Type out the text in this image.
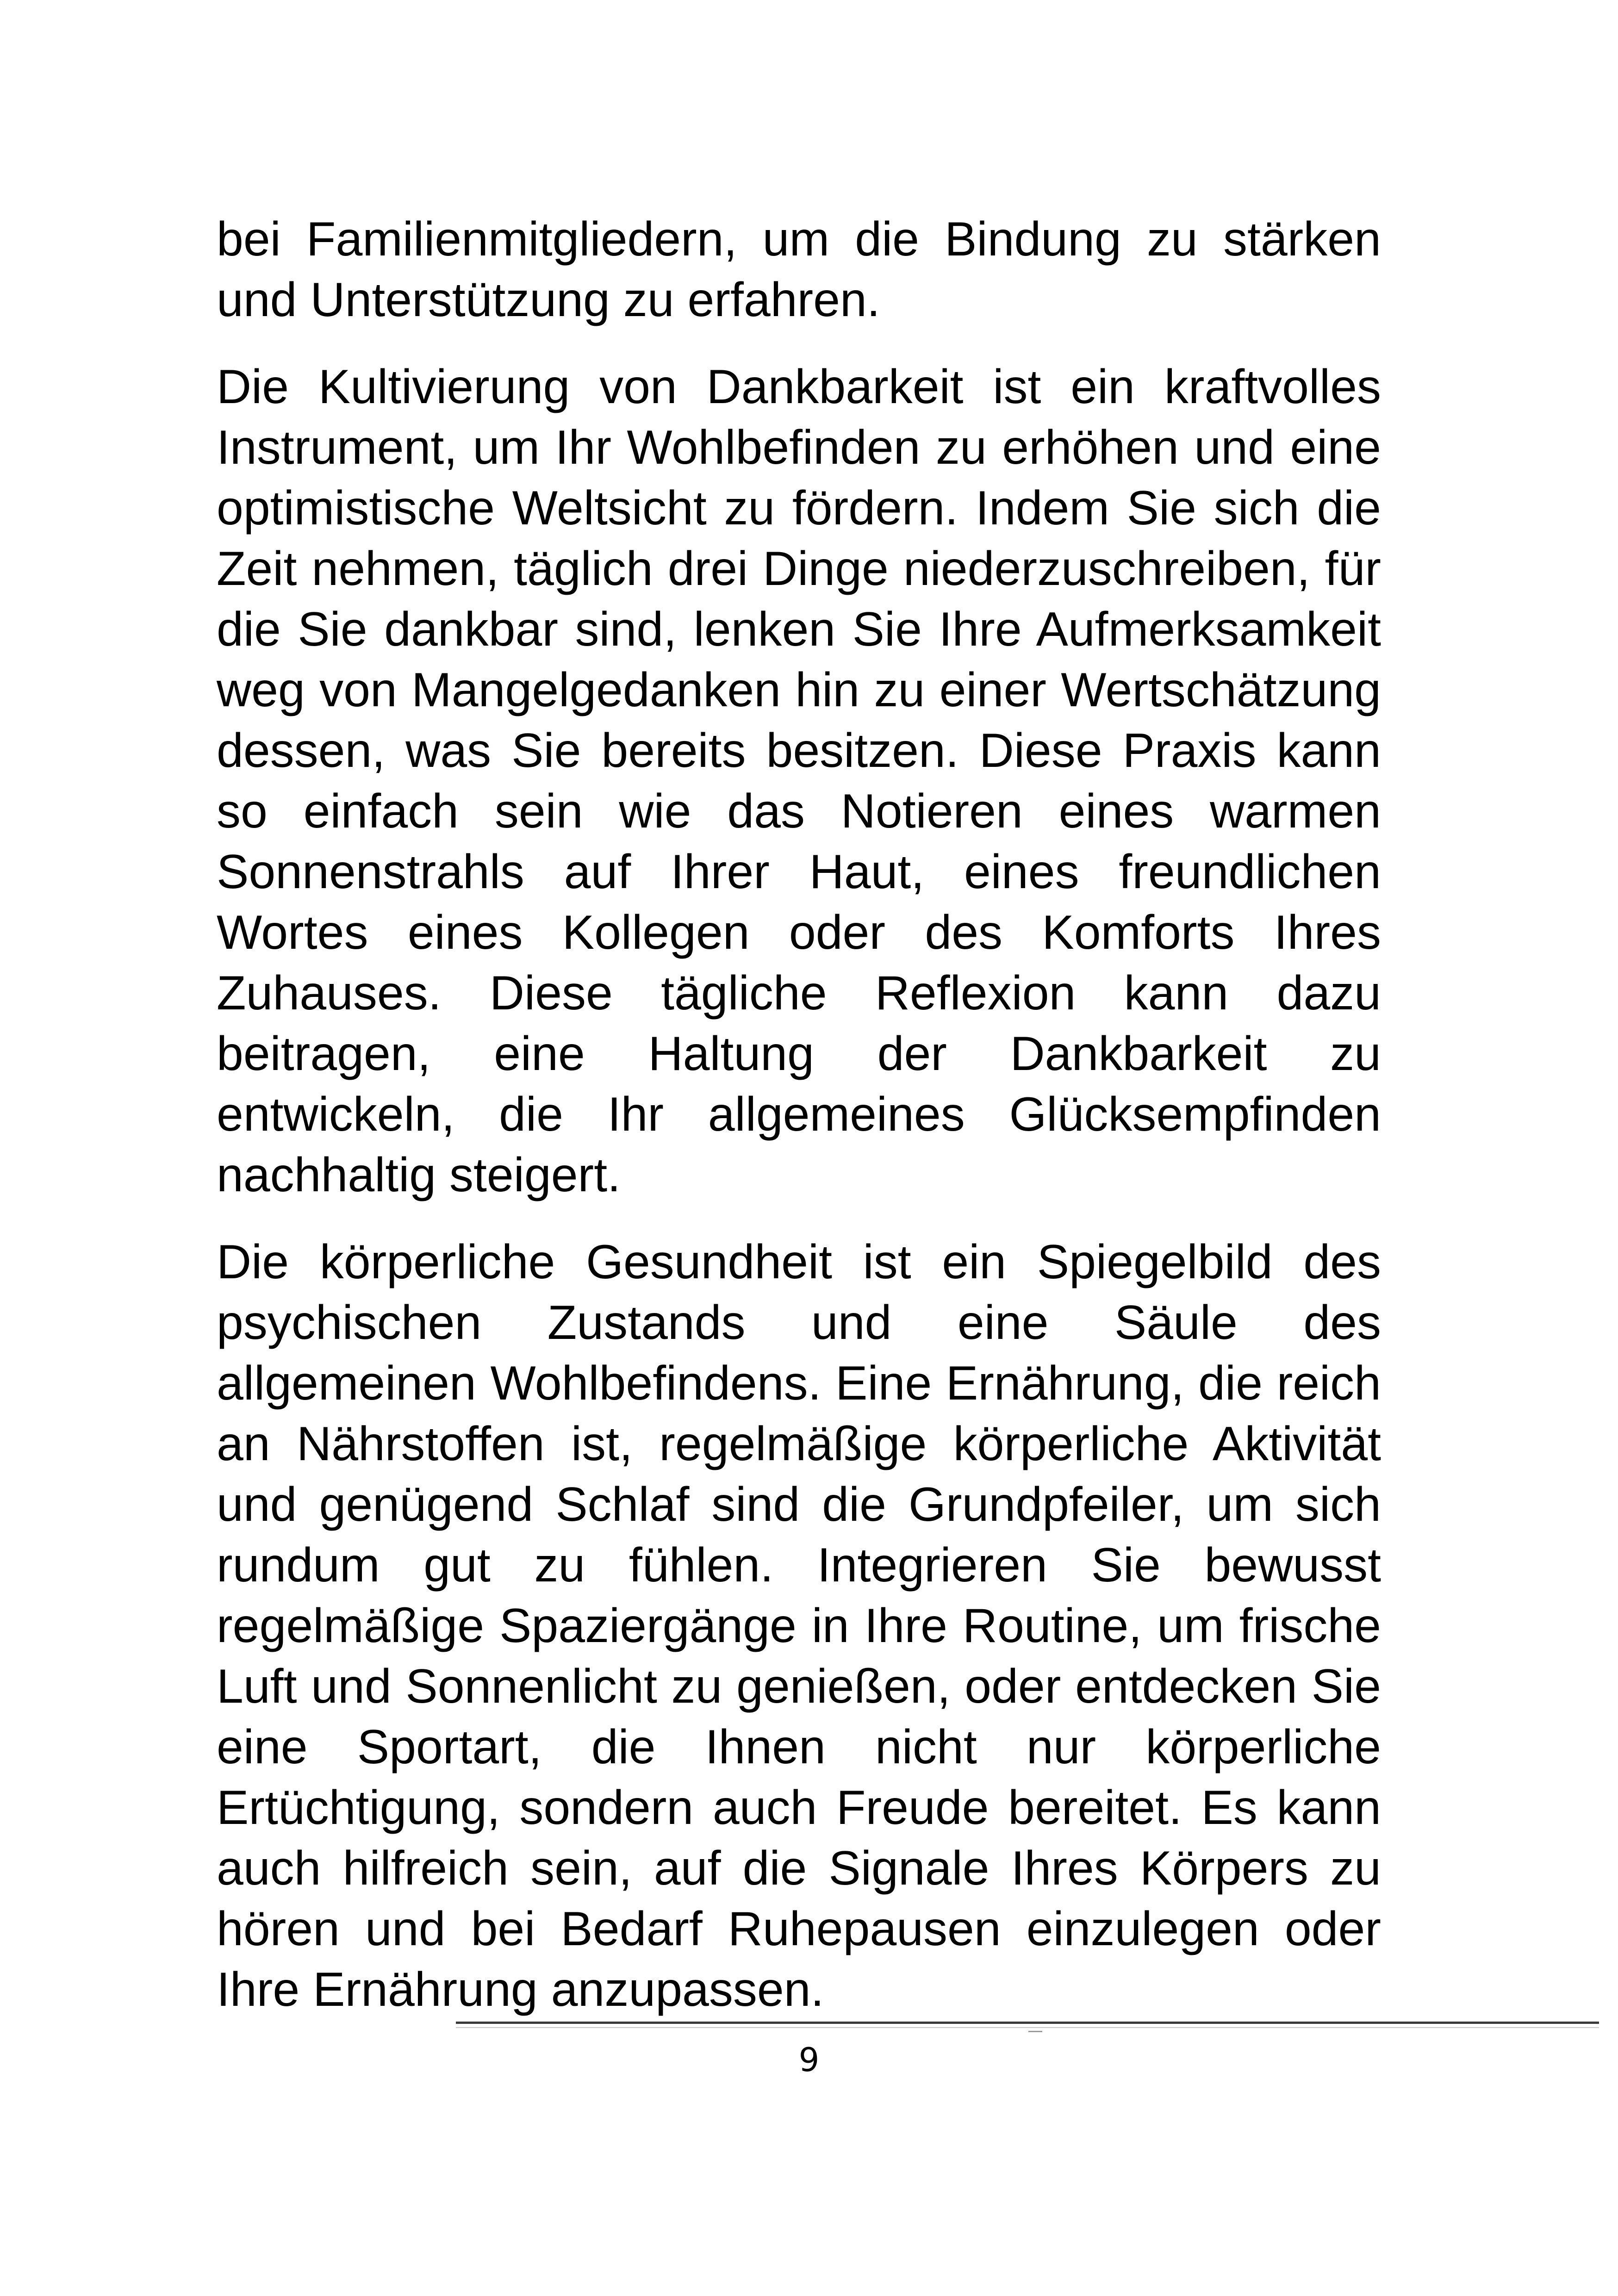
bei Familienmitgliedern, um die Bindung zu stärken und Unterstützung zu erfahren.

Die Kultivierung von Dankbarkeit ist ein kraftvolles Instrument, um Ihr Wohlbefinden zu erhöhen und eine optimistische Weltsicht zu fördern. Indem Sie sich die Zeit nehmen, täglich drei Dinge niederzuschreiben, für die Sie dankbar sind, lenken Sie Ihre Aufmerksamkeit weg von Mangelgedanken hin zu einer Wertschätzung dessen, was Sie bereits besitzen. Diese Praxis kann so einfach sein wie das Notieren eines warmen Sonnenstrahls auf Ihrer Haut, eines freundlichen Wortes eines Kollegen oder des Komforts Ihres Zuhauses. Diese tägliche Reflexion kann dazu beitragen, eine Haltung der Dankbarkeit zu entwickeln, die Ihr allgemeines Glücksempfinden nachhaltig steigert.

Die körperliche Gesundheit ist ein Spiegelbild des psychischen Zustands und eine Säule des allgemeinen Wohlbefindens. Eine Ernährung, die reich an Nährstoffen ist, regelmäßige körperliche Aktivität und genügend Schlaf sind die Grundpfeiler, um sich rundum gut zu fühlen. Integrieren Sie bewusst regelmäßige Spaziergänge in Ihre Routine, um frische Luft und Sonnenlicht zu genießen, oder entdecken Sie eine Sportart, die Ihnen nicht nur körperliche Ertüchtigung, sondern auch Freude bereitet. Es kann auch hilfreich sein, auf die Signale Ihres Körpers zu hören und bei Bedarf Ruhepausen einzulegen oder Ihre Ernährung anzupassen.

9
